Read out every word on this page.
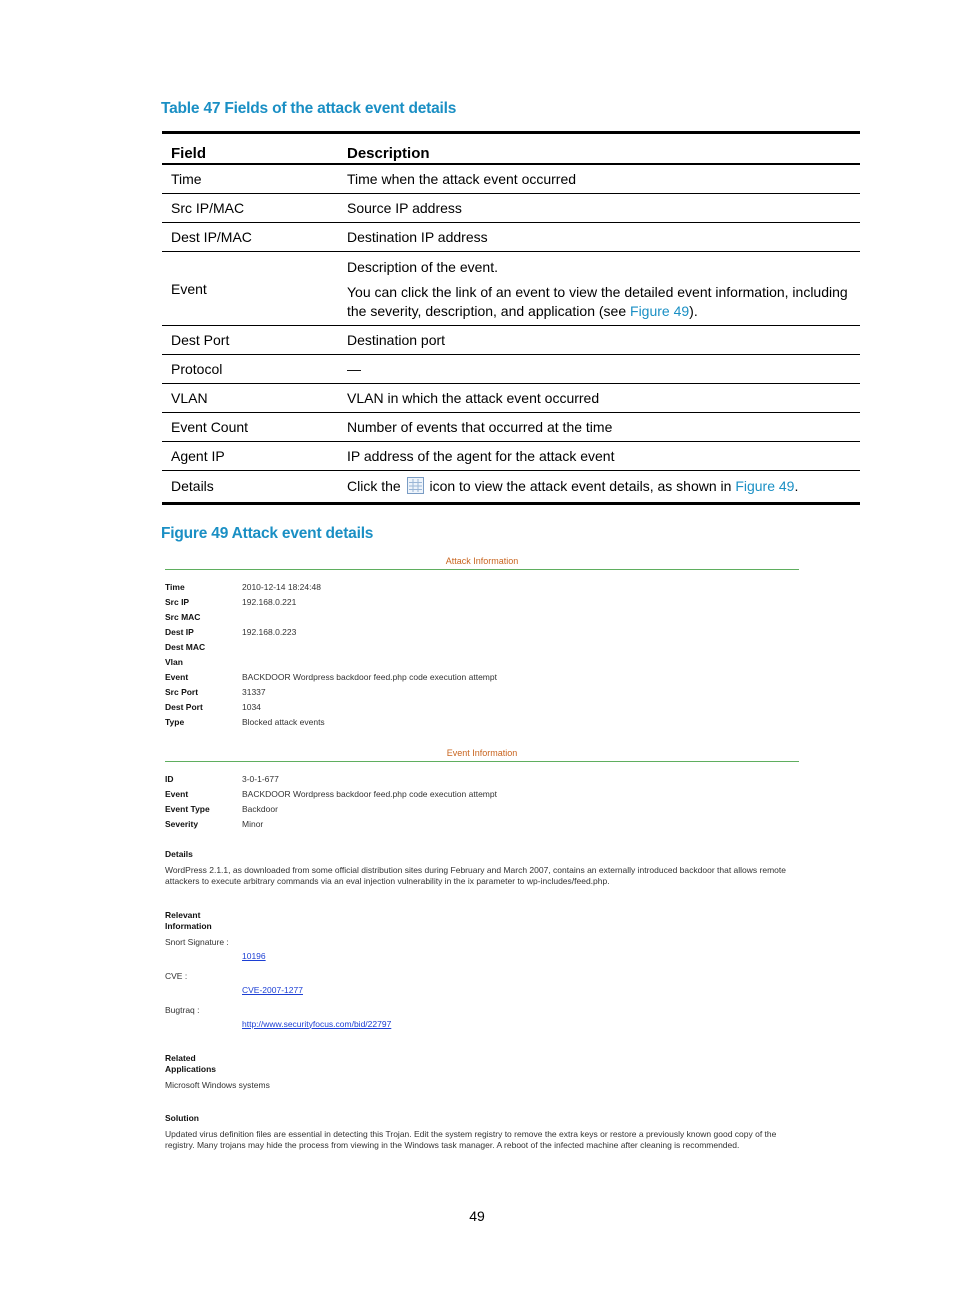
Table 47 Fields of the attack event details
Field	Description
Time	Time when the attack event occurred
Src IP/MAC	Source IP address
Dest IP/MAC	Destination IP address
Event	Description of the event.

You can click the link of an event to view the detailed event information, including the severity, description, and application (see Figure 49).

Dest Port	Destination port
Protocol	—
VLAN	VLAN in which the attack event occurred
Event Count	Number of events that occurred at the time
Agent IP	IP address of the agent for the attack event
Details	Click the icon to view the attack event details, as shown in Figure 49.
Figure 49 Attack event details
Attack Information
Time	2010-12-14 18:24:48
Src IP	192.168.0.221
Src MAC
Dest IP	192.168.0.223
Dest MAC
Vlan
Event	BACKDOOR Wordpress backdoor feed.php code execution attempt
Src Port	31337
Dest Port	1034
Type	Blocked attack events
Event Information
ID	3-0-1-677
Event	BACKDOOR Wordpress backdoor feed.php code execution attempt
Event Type	Backdoor
Severity	Minor
Details
WordPress 2.1.1, as downloaded from some official distribution sites during February and March 2007, contains an externally introduced backdoor that allows remote attackers to execute arbitrary commands via an eval injection vulnerability in the ix parameter to wp-includes/feed.php.
Relevant
Information
Snort Signature :
10196
CVE :
CVE-2007-1277
Bugtraq :
http://www.securityfocus.com/bid/22797
Related
Applications
Microsoft Windows systems
Solution
Updated virus definition files are essential in detecting this Trojan. Edit the system registry to remove the extra keys or restore a previously known good copy of the registry. Many trojans may hide the process from viewing in the Windows task manager. A reboot of the infected machine after cleaning is recommended.
49
